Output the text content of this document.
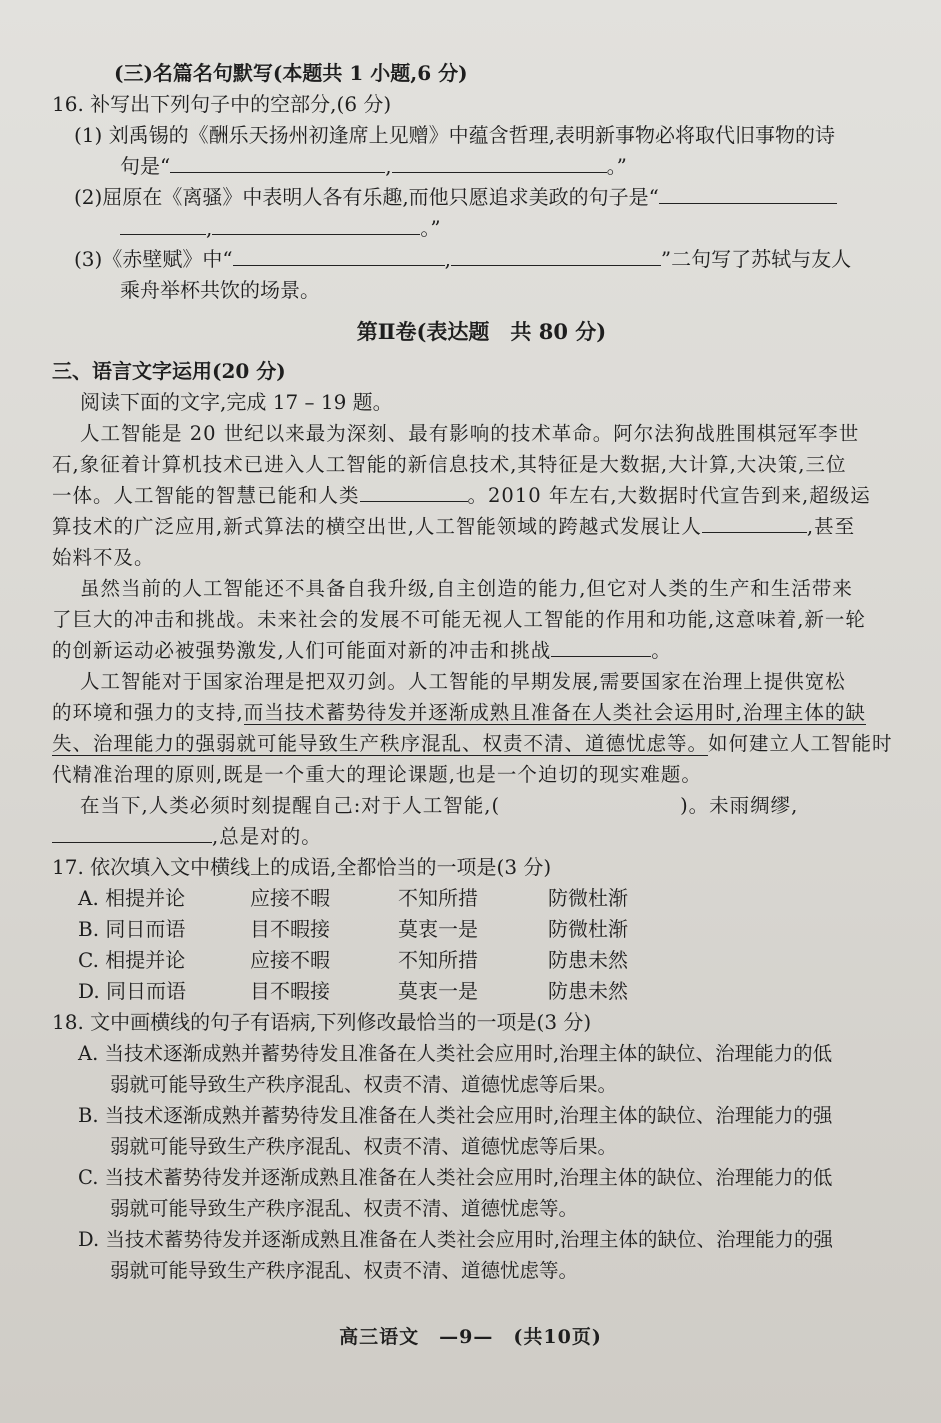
(三)名篇名句默写(本题共 1 小题,6 分)
16. 补写出下列句子中的空部分,(6 分)
(1) 刘禹锡的《酬乐天扬州初逢席上见赠》中蕴含哲理,表明新事物必将取代旧事物的诗
句是“	,	。”
(2)屈原在《离骚》中表明人各有乐趣,而他只愿追求美政的句子是“
,	。”
(3)《赤壁赋》中“	,	”二句写了苏轼与友人
乘舟举杯共饮的场景。
第Ⅱ卷(表达题　共 80 分)
三、语言文字运用(20 分)
阅读下面的文字,完成 17 – 19 题。
人工智能是 20 世纪以来最为深刻、最有影响的技术革命。阿尔法狗战胜围棋冠军李世
石,象征着计算机技术已进入人工智能的新信息技术,其特征是大数据,大计算,大决策,三位
一体。人工智能的智慧已能和人类	。2010 年左右,大数据时代宣告到来,超级运
算技术的广泛应用,新式算法的横空出世,人工智能领域的跨越式发展让人	,甚至
始料不及。
虽然当前的人工智能还不具备自我升级,自主创造的能力,但它对人类的生产和生活带来
了巨大的冲击和挑战。未来社会的发展不可能无视人工智能的作用和功能,这意味着,新一轮
的创新运动必被强势激发,人们可能面对新的冲击和挑战	。
人工智能对于国家治理是把双刃剑。人工智能的早期发展,需要国家在治理上提供宽松
的环境和强力的支持,而当技术蓄势待发并逐渐成熟且准备在人类社会运用时,治理主体的缺
失、治理能力的强弱就可能导致生产秩序混乱、权责不清、道德忧虑等。如何建立人工智能时
代精准治理的原则,既是一个重大的理论课题,也是一个迫切的现实难题。
在当下,人类必须时刻提醒自己:对于人工智能,(	)。未雨绸缪,
,总是对的。
17. 依次填入文中横线上的成语,全都恰当的一项是(3 分)
A. 相提并论	应接不暇	不知所措	防微杜渐
B. 同日而语	目不暇接	莫衷一是	防微杜渐
C. 相提并论	应接不暇	不知所措	防患未然
D. 同日而语	目不暇接	莫衷一是	防患未然
18. 文中画横线的句子有语病,下列修改最恰当的一项是(3 分)
A. 当技术逐渐成熟并蓄势待发且准备在人类社会应用时,治理主体的缺位、治理能力的低
弱就可能导致生产秩序混乱、权责不清、道德忧虑等后果。
B. 当技术逐渐成熟并蓄势待发且准备在人类社会应用时,治理主体的缺位、治理能力的强
弱就可能导致生产秩序混乱、权责不清、道德忧虑等后果。
C. 当技术蓄势待发并逐渐成熟且准备在人类社会应用时,治理主体的缺位、治理能力的低
弱就可能导致生产秩序混乱、权责不清、道德忧虑等。
D. 当技术蓄势待发并逐渐成熟且准备在人类社会应用时,治理主体的缺位、治理能力的强
弱就可能导致生产秩序混乱、权责不清、道德忧虑等。
高三语文　—9—　(共10页)
